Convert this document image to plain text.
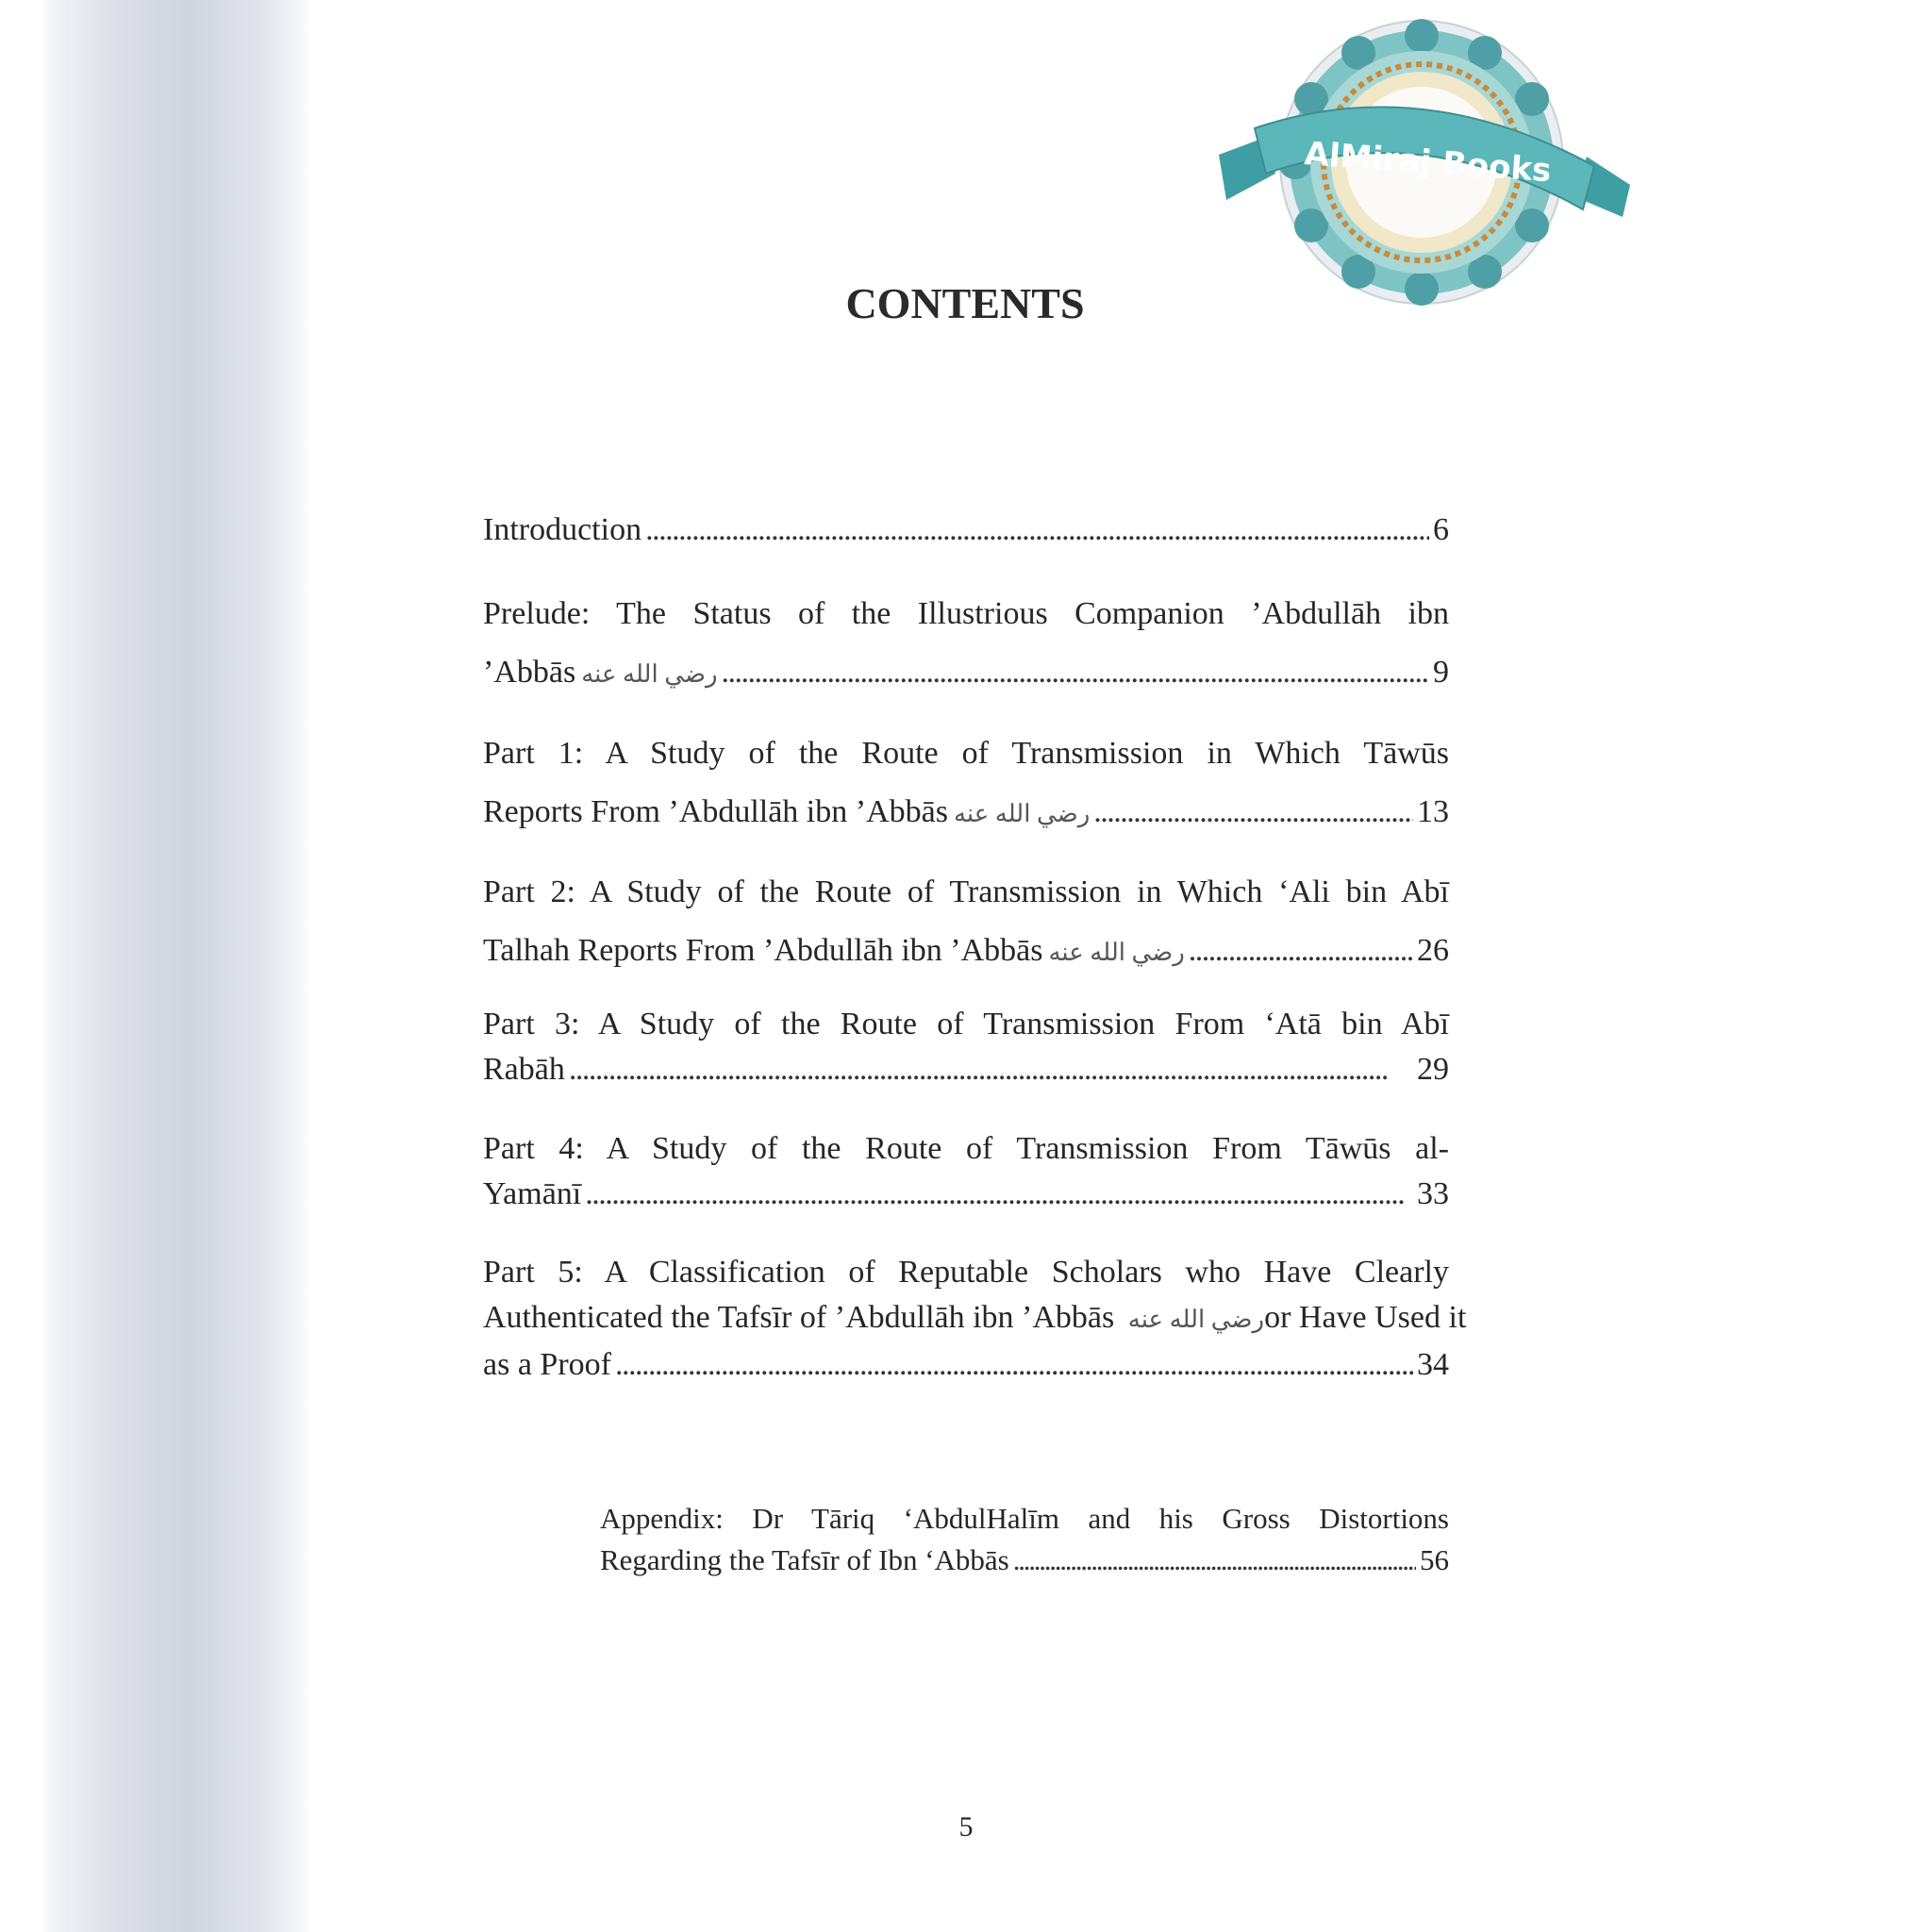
AlMiraj Books
CONTENTS
Introduction . . .	6
Prelude: The Status of the Illustrious Companion ’Abdullāh ibn
’Abbās رضي الله عنه . . .	9
Part 1: A Study of the Route of Transmission in Which Tāwūs
Reports From ’Abdullāh ibn ’Abbās رضي الله عنه . . .	13
Part 2: A Study of the Route of Transmission in Which ‘Ali bin Abī
Talhah Reports From ’Abdullāh ibn ’Abbās رضي الله عنه . . .	26
Part 3: A Study of the Route of Transmission From ‘Atā bin Abī
Rabāh . . .	29
Part 4: A Study of the Route of Transmission From Tāwūs al-
Yamānī . . .	33
Part 5: A Classification of Reputable Scholars who Have Clearly
Authenticated the Tafsīr of ’Abdullāh ibn ’Abbās رضي الله عنه or Have Used it
as a Proof . . .	34
Appendix: Dr Tāriq ‘AbdulHalīm and his Gross Distortions
Regarding the Tafsīr of Ibn ‘Abbās . . .	56
5
